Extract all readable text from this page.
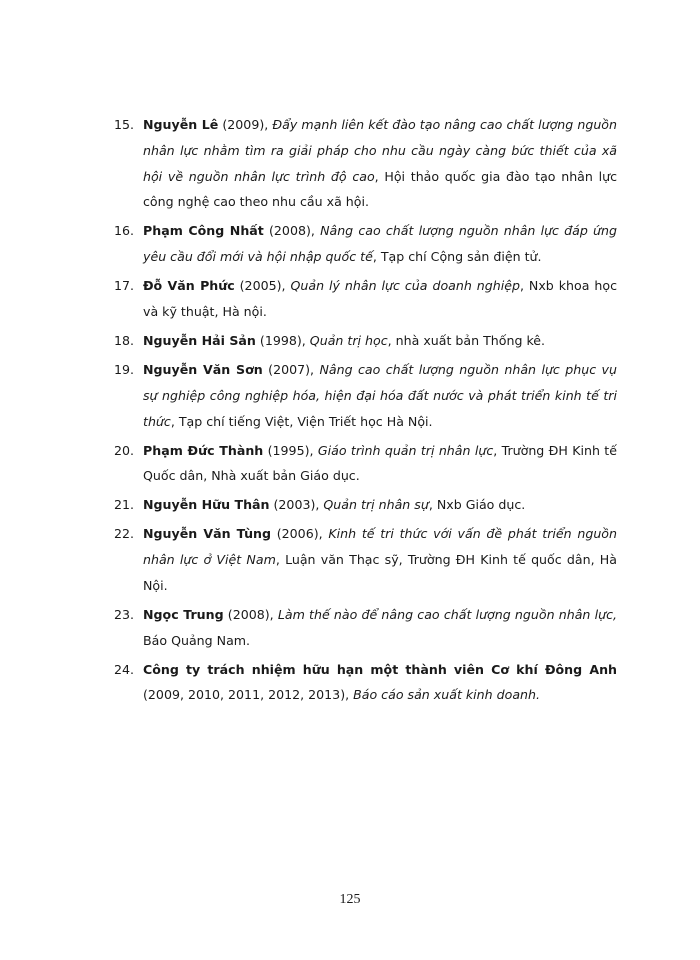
15. Nguyễn Lê (2009), Đẩy mạnh liên kết đào tạo nâng cao chất lượng nguồn nhân lực nhằm tìm ra giải pháp cho nhu cầu ngày càng bức thiết của xã hội về nguồn nhân lực trình độ cao, Hội thảo quốc gia đào tạo nhân lực công nghệ cao theo nhu cầu xã hội.
16. Phạm Công Nhất (2008), Nâng cao chất lượng nguồn nhân lực đáp ứng yêu cầu đổi mới và hội nhập quốc tế, Tạp chí Cộng sản điện tử.
17. Đỗ Văn Phức (2005), Quản lý nhân lực của doanh nghiệp, Nxb khoa học và kỹ thuật, Hà nội.
18. Nguyễn Hải Sản (1998), Quản trị học, nhà xuất bản Thống kê.
19. Nguyễn Văn Sơn (2007), Nâng cao chất lượng nguồn nhân lực phục vụ sự nghiệp công nghiệp hóa, hiện đại hóa đất nước và phát triển kinh tế tri thức, Tạp chí tiếng Việt, Viện Triết học Hà Nội.
20. Phạm Đức Thành (1995), Giáo trình quản trị nhân lực, Trường ĐH Kinh tế Quốc dân, Nhà xuất bản Giáo dục.
21. Nguyễn Hữu Thân (2003), Quản trị nhân sự, Nxb Giáo dục.
22. Nguyễn Văn Tùng (2006), Kinh tế tri thức với vấn đề phát triển nguồn nhân lực ở Việt Nam, Luận văn Thạc sỹ, Trường ĐH Kinh tế quốc dân, Hà Nội.
23. Ngọc Trung (2008), Làm thế nào để nâng cao chất lượng nguồn nhân lực, Báo Quảng Nam.
24. Công ty trách nhiệm hữu hạn một thành viên Cơ khí Đông Anh (2009, 2010, 2011, 2012, 2013), Báo cáo sản xuất kinh doanh.
125
